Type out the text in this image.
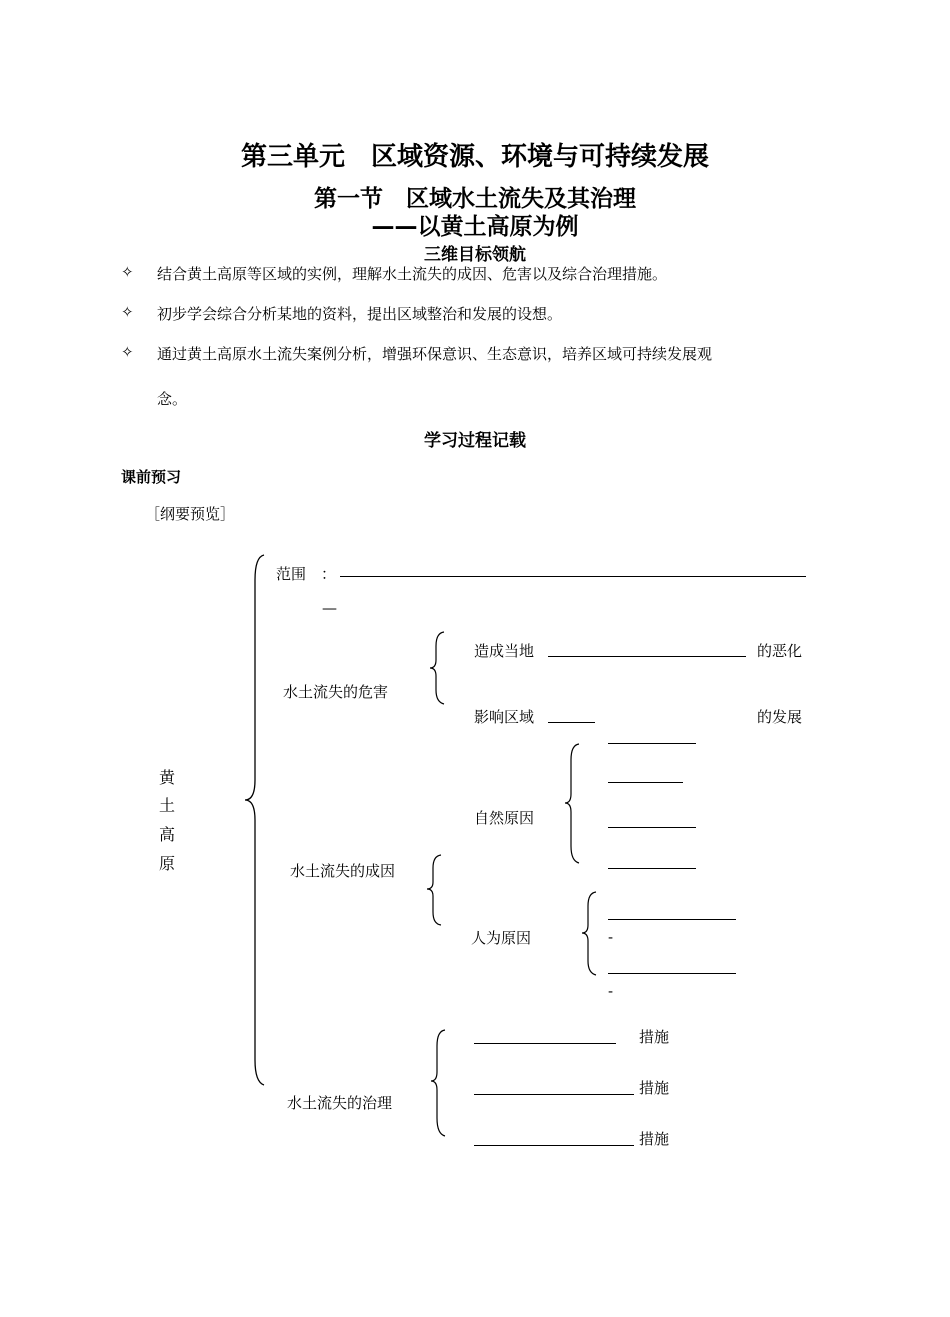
第三单元　区域资源、环境与可持续发展
第一节　区域水土流失及其治理
——以黄土高原为例
三维目标领航
✧ 结合黄土高原等区域的实例，理解水土流失的成因、危害以及综合治理措施。
✧ 初步学会综合分析某地的资料，提出区域整治和发展的设想。
✧ 通过黄土高原水土流失案例分析，增强环保意识、生态意识，培养区域可持续发展观
念。
学习过程记载
课前预习
［纲要预览］
黄
土
高
原
范围　：
—
水土流失的危害
造成当地	的恶化
影响区域	的发展
水土流失的成因
自然原因
人为原因	-
-
水土流失的治理
措施
措施
措施
